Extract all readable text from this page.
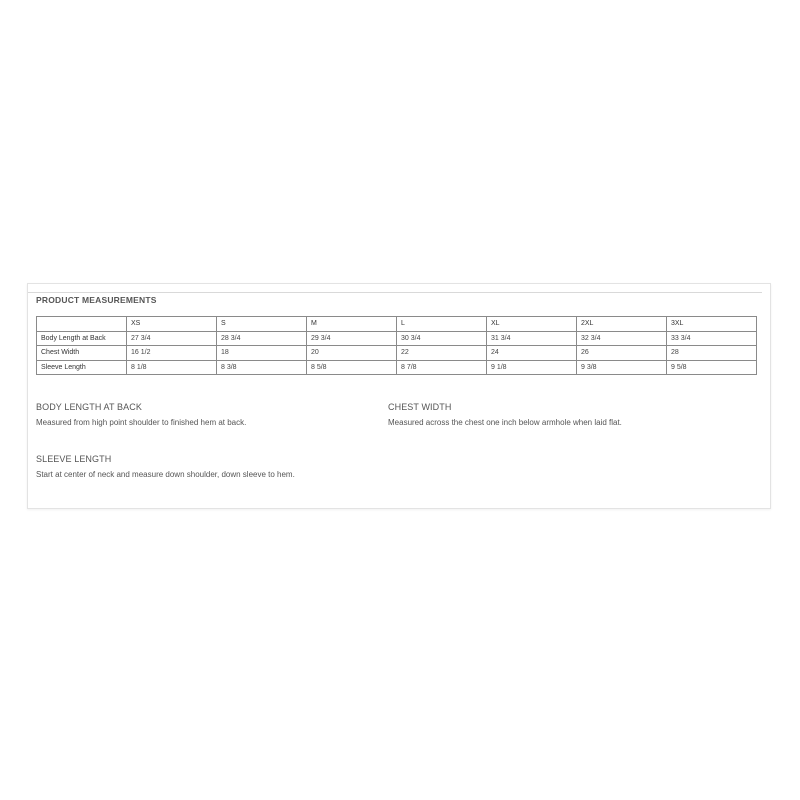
PRODUCT MEASUREMENTS
	XS	S	M	L	XL	2XL	3XL
Body Length at Back	27 3/4	28 3/4	29 3/4	30 3/4	31 3/4	32 3/4	33 3/4
Chest Width	16 1/2	18	20	22	24	26	28
Sleeve Length	8 1/8	8 3/8	8 5/8	8 7/8	9 1/8	9 3/8	9 5/8
BODY LENGTH AT BACK

Measured from high point shoulder to finished hem at back.

CHEST WIDTH

Measured across the chest one inch below armhole when laid flat.

SLEEVE LENGTH

Start at center of neck and measure down shoulder, down sleeve to hem.
